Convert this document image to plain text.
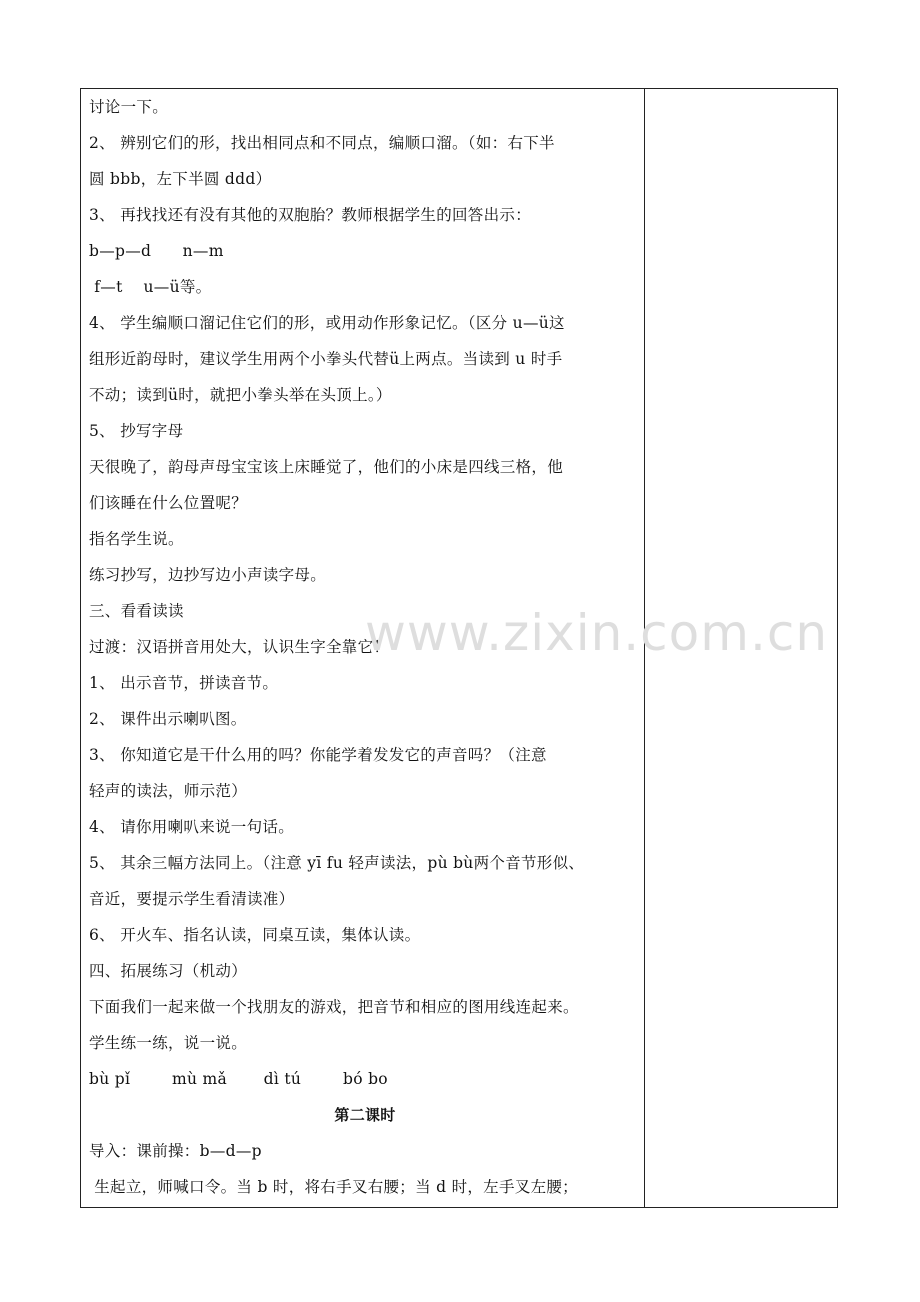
讨论一下。
2、 辨别它们的形，找出相同点和不同点，编顺口溜。（如：右下半
圆 bbb，左下半圆 ddd）
3、 再找找还有没有其他的双胞胎？教师根据学生的回答出示：
b—p—d      n—m
f—t    u—ü等。
4、 学生编顺口溜记住它们的形，或用动作形象记忆。（区分 u—ü这
组形近韵母时，建议学生用两个小拳头代替ü上两点。当读到 u 时手
不动；读到ü时，就把小拳头举在头顶上。）
5、 抄写字母
天很晚了，韵母声母宝宝该上床睡觉了，他们的小床是四线三格，他
们该睡在什么位置呢？
指名学生说。
练习抄写，边抄写边小声读字母。
三、看看读读
过渡：汉语拼音用处大，认识生字全靠它！
1、 出示音节，拼读音节。
2、 课件出示喇叭图。
3、 你知道它是干什么用的吗？你能学着发发它的声音吗？（注意
轻声的读法，师示范）
4、 请你用喇叭来说一句话。
5、 其余三幅方法同上。（注意 yī fu 轻声读法，pù bù两个音节形似、
音近，要提示学生看清读准）
6、 开火车、指名认读，同桌互读，集体认读。
四、拓展练习（机动）
下面我们一起来做一个找朋友的游戏，把音节和相应的图用线连起来。
学生练一练，说一说。
bù pǐ        mù mǎ       dì tú        bó bo
第二课时
导入：课前操：b—d—p
生起立，师喊口令。当 b 时，将右手叉右腰；当 d 时，左手叉左腰；
www.zixin.com.cn
